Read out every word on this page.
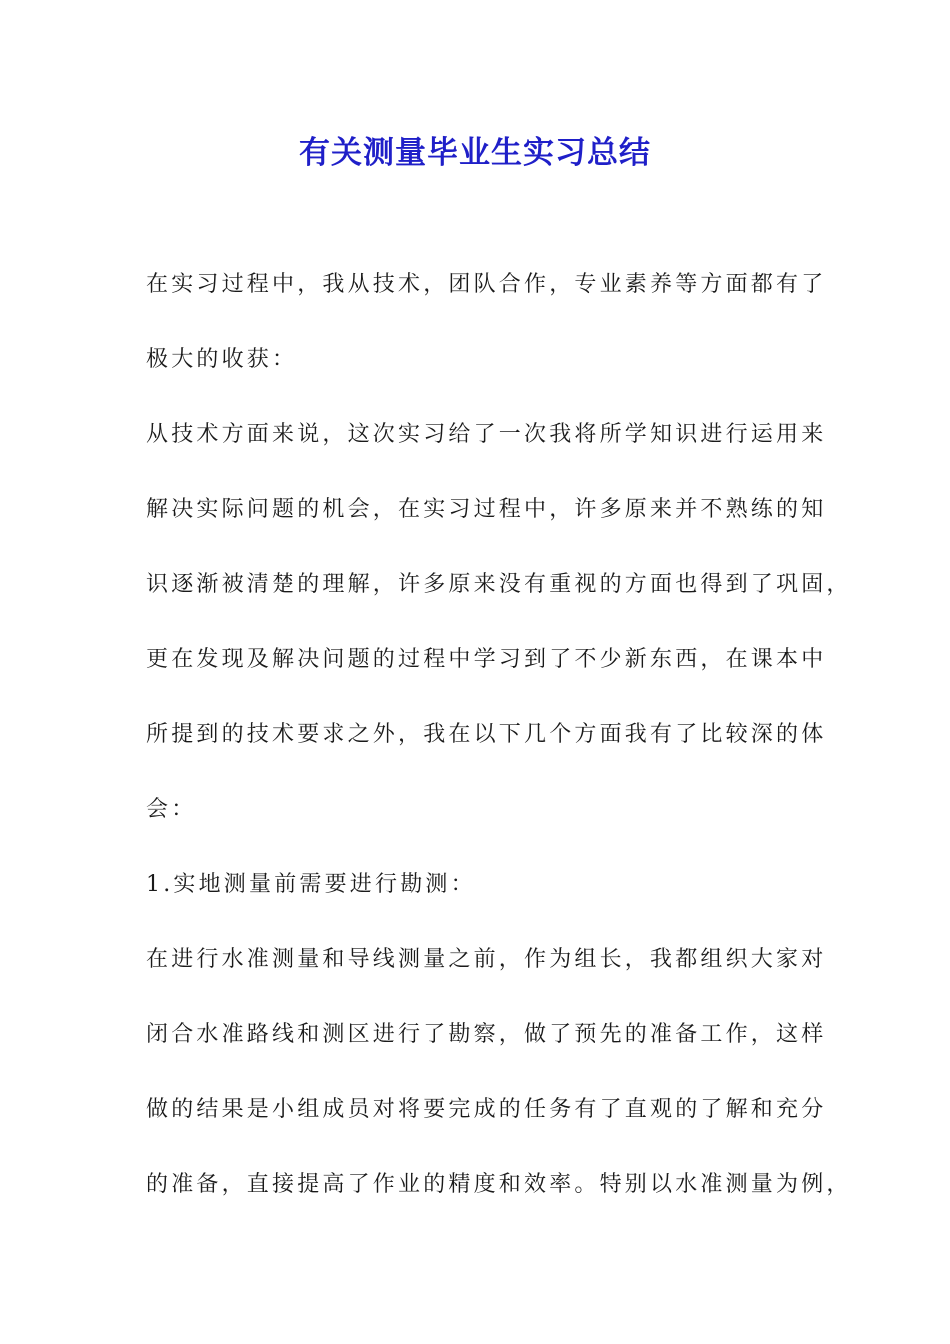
有关测量毕业生实习总结
在实习过程中，我从技术，团队合作，专业素养等方面都有了
极大的收获：
从技术方面来说，这次实习给了一次我将所学知识进行运用来
解决实际问题的机会，在实习过程中，许多原来并不熟练的知
识逐渐被清楚的理解，许多原来没有重视的方面也得到了巩固，
更在发现及解决问题的过程中学习到了不少新东西，在课本中
所提到的技术要求之外，我在以下几个方面我有了比较深的体
会：
1.实地测量前需要进行勘测：
在进行水准测量和导线测量之前，作为组长，我都组织大家对
闭合水准路线和测区进行了勘察，做了预先的准备工作，这样
做的结果是小组成员对将要完成的任务有了直观的了解和充分
的准备，直接提高了作业的精度和效率。特别以水准测量为例，
